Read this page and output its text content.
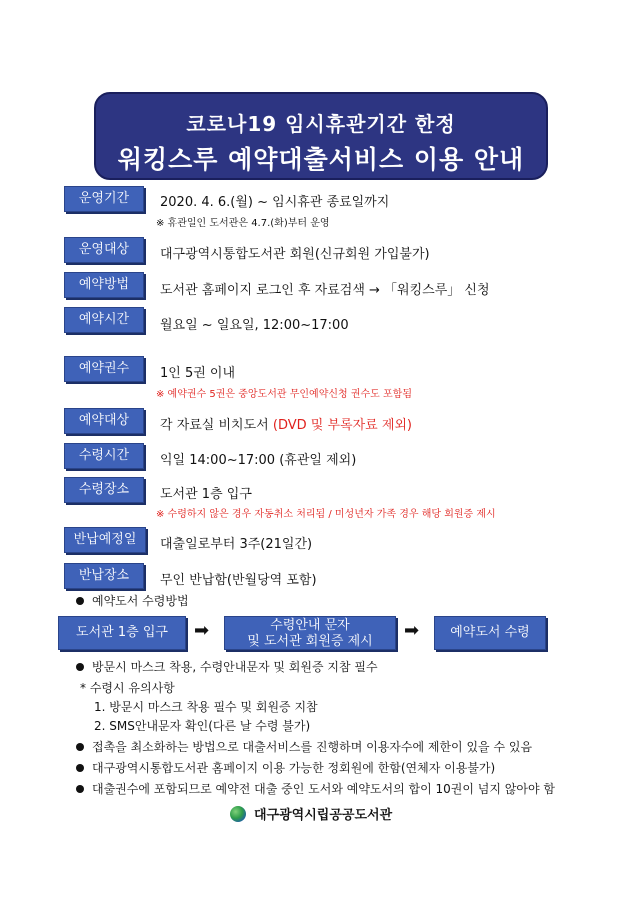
코로나19 임시휴관기간 한정
워킹스루 예약대출서비스 이용 안내
운영기간	2020. 4. 6.(월) ~ 임시휴관 종료일까지
※ 휴관일인 도서관은 4.7.(화)부터 운영
운영대상	대구광역시통합도서관 회원(신규회원 가입불가)
예약방법	도서관 홈페이지 로그인 후 자료검색 → 「워킹스루」 신청
예약시간	월요일 ~ 일요일, 12:00~17:00
예약권수	1인 5권 이내
※ 예약권수 5권은 중앙도서관 무인예약신청 권수도 포함됨
예약대상	각 자료실 비치도서 (DVD 및 부록자료 제외)
수령시간	익일 14:00~17:00 (휴관일 제외)
수령장소	도서관 1층 입구
※ 수령하지 않은 경우 자동취소 처리됨 / 미성년자 가족 경우 해당 회원증 제시
반납예정일	대출일로부터 3주(21일간)
반납장소	무인 반납함(반월당역 포함)
예약도서 수령방법
도서관 1층 입구	➡	수령안내 문자
및 도서관 회원증 제시
➡	예약도서 수령
방문시 마스크 착용, 수령안내문자 및 회원증 지참 필수
* 수령시 유의사항
1. 방문시 마스크 착용 필수 및 회원증 지참
2. SMS안내문자 확인(다른 날 수령 불가)
접촉을 최소화하는 방법으로 대출서비스를 진행하며 이용자수에 제한이 있을 수 있음
대구광역시통합도서관 홈페이지 이용 가능한 정회원에 한함(연체자 이용불가)
대출권수에 포함되므로 예약전 대출 중인 도서와 예약도서의 합이 10권이 넘지 않아야 함
대구광역시립공공도서관
